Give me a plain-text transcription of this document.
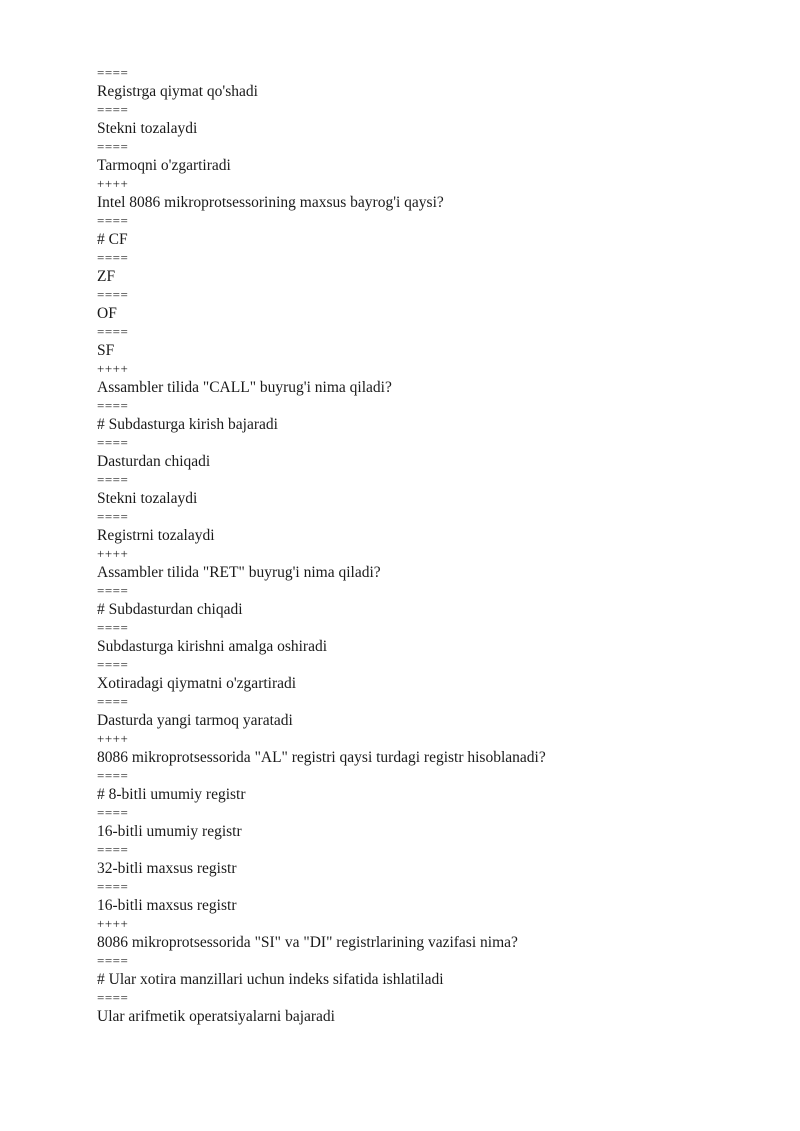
====
Registrga qiymat qo'shadi
====
Stekni tozalaydi
====
Tarmoqni o'zgartiradi
++++
Intel 8086 mikroprotsessorining maxsus bayrog'i qaysi?
====
# CF
====
ZF
====
OF
====
SF
++++
Assambler tilida "CALL" buyrug'i nima qiladi?
====
# Subdasturga kirish bajaradi
====
Dasturdan chiqadi
====
Stekni tozalaydi
====
Registrni tozalaydi
++++
Assambler tilida "RET" buyrug'i nima qiladi?
====
# Subdasturdan chiqadi
====
Subdasturga kirishni amalga oshiradi
====
Xotiradagi qiymatni o'zgartiradi
====
Dasturda yangi tarmoq yaratadi
++++
8086 mikroprotsessorida "AL" registri qaysi turdagi registr hisoblanadi?
====
# 8-bitli umumiy registr
====
16-bitli umumiy registr
====
32-bitli maxsus registr
====
16-bitli maxsus registr
++++
8086 mikroprotsessorida "SI" va "DI" registrlarining vazifasi nima?
====
# Ular xotira manzillari uchun indeks sifatida ishlatiladi
====
Ular arifmetik operatsiyalarni bajaradi
